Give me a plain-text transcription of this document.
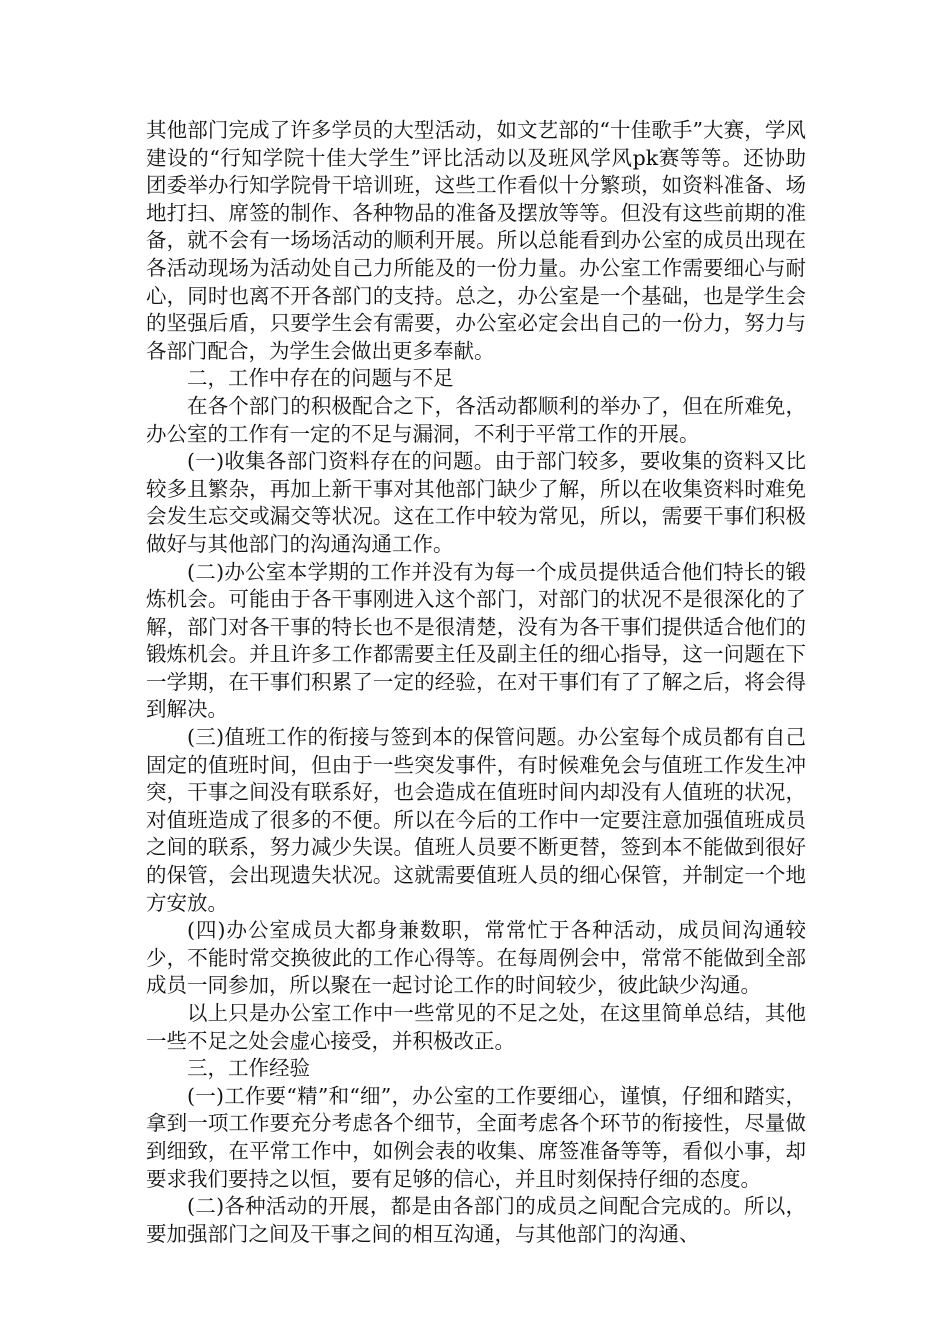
其他部门完成了许多学员的大型活动，如文艺部的“十佳歌手”大赛，学风建设的“行知学院十佳大学生”评比活动以及班风学风pk赛等等。还协助团委举办行知学院骨干培训班，这些工作看似十分繁琐，如资料准备、场地打扫、席签的制作、各种物品的准备及摆放等等。但没有这些前期的准备，就不会有一场场活动的顺利开展。所以总能看到办公室的成员出现在各活动现场为活动处自己力所能及的一份力量。办公室工作需要细心与耐心，同时也离不开各部门的支持。总之，办公室是一个基础，也是学生会的坚强后盾，只要学生会有需要，办公室必定会出自己的一份力，努力与各部门配合，为学生会做出更多奉献。

二，工作中存在的问题与不足

在各个部门的积极配合之下，各活动都顺利的举办了，但在所难免，办公室的工作有一定的不足与漏洞，不利于平常工作的开展。

(一)收集各部门资料存在的问题。由于部门较多，要收集的资料又比较多且繁杂，再加上新干事对其他部门缺少了解，所以在收集资料时难免会发生忘交或漏交等状况。这在工作中较为常见，所以，需要干事们积极做好与其他部门的沟通沟通工作。

(二)办公室本学期的工作并没有为每一个成员提供适合他们特长的锻炼机会。可能由于各干事刚进入这个部门，对部门的状况不是很深化的了解，部门对各干事的特长也不是很清楚，没有为各干事们提供适合他们的锻炼机会。并且许多工作都需要主任及副主任的细心指导，这一问题在下一学期，在干事们积累了一定的经验，在对干事们有了了解之后，将会得到解决。

(三)值班工作的衔接与签到本的保管问题。办公室每个成员都有自己固定的值班时间，但由于一些突发事件，有时候难免会与值班工作发生冲突，干事之间没有联系好，也会造成在值班时间内却没有人值班的状况，对值班造成了很多的不便。所以在今后的工作中一定要注意加强值班成员之间的联系，努力减少失误。值班人员要不断更替，签到本不能做到很好的保管，会出现遗失状况。这就需要值班人员的细心保管，并制定一个地方安放。

(四)办公室成员大都身兼数职，常常忙于各种活动，成员间沟通较少，不能时常交换彼此的工作心得等。在每周例会中，常常不能做到全部成员一同参加，所以聚在一起讨论工作的时间较少，彼此缺少沟通。

以上只是办公室工作中一些常见的不足之处，在这里简单总结，其他一些不足之处会虚心接受，并积极改正。

三，工作经验

(一)工作要“精”和“细”，办公室的工作要细心，谨慎，仔细和踏实，拿到一项工作要充分考虑各个细节，全面考虑各个环节的衔接性，尽量做到细致，在平常工作中，如例会表的收集、席签准备等等，看似小事，却要求我们要持之以恒，要有足够的信心，并且时刻保持仔细的态度。

(二)各种活动的开展，都是由各部门的成员之间配合完成的。所以，要加强部门之间及干事之间的相互沟通，与其他部门的沟通、
